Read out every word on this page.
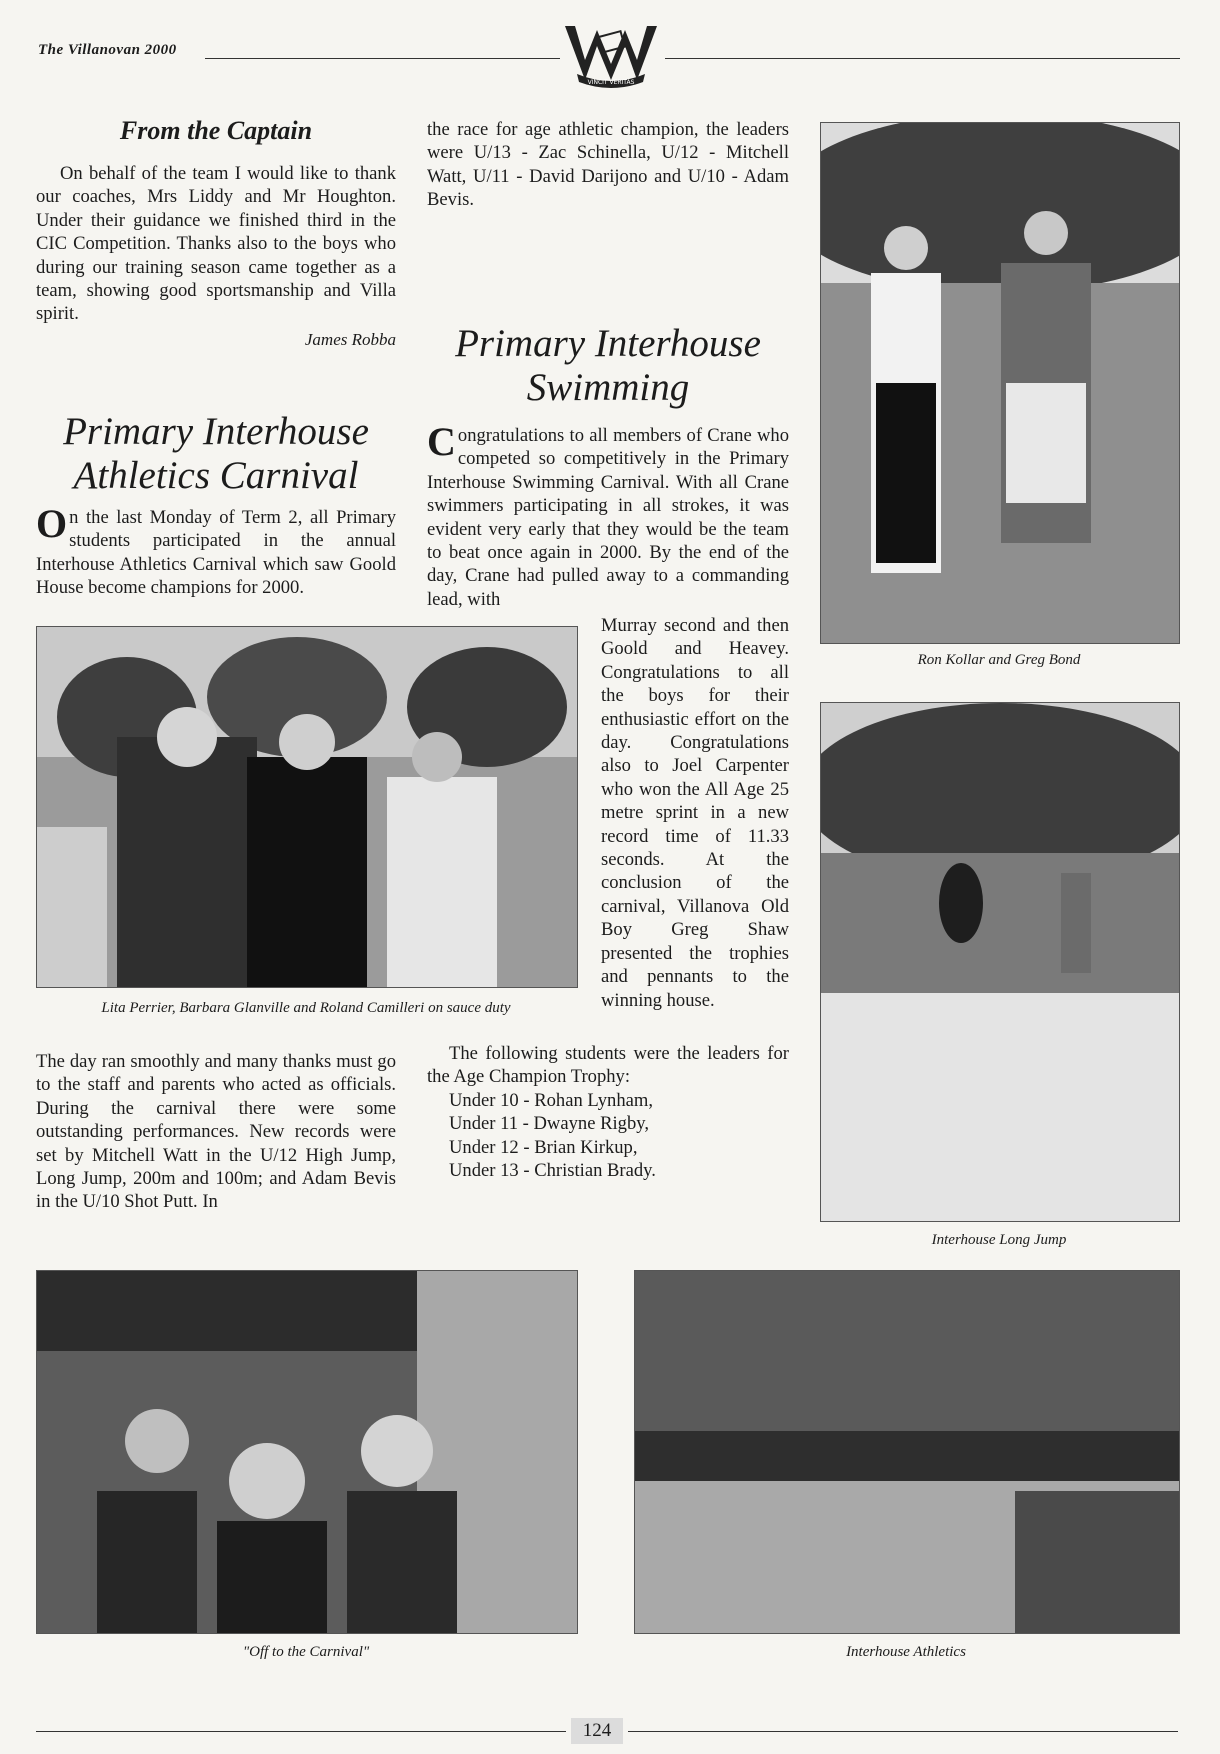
The Villanovan 2000
VINCIT VERITAS
From the Captain

On behalf of the team I would like to thank our coaches, Mrs Liddy and Mr Houghton. Under their guidance we finished third in the CIC Competition. Thanks also to the boys who during our training season came together as a team, showing good sportsmanship and Villa spirit.

James Robba
Primary Interhouse Athletics Carnival
O n the last Monday of Term 2, all Primary students participated in the annual Interhouse Athletics Carnival which saw Goold House become champions for 2000.
Lita Perrier, Barbara Glanville and Roland Camilleri on sauce duty

The day ran smoothly and many thanks must go to the staff and parents who acted as officials. During the carnival there were some outstanding performances. New records were set by Mitchell Watt in the U/12 High Jump, Long Jump, 200m and 100m; and Adam Bevis in the U/10 Shot Putt. In

the race for age athletic champion, the leaders were U/13 - Zac Schinella, U/12 - Mitchell Watt, U/11 - David Darijono and U/10 - Adam Bevis.

Primary Interhouse Swimming
C ongratulations to all members of Crane who competed so competitively in the Primary Interhouse Swimming Carnival. With all Crane swimmers participating in all strokes, it was evident very early that they would be the team to beat once again in 2000. By the end of the day, Crane had pulled away to a commanding lead, with

Murray second and then Goold and Heavey. Congratulations to all the boys for their enthusiastic effort on the day. Congratulations also to Joel Carpenter who won the All Age 25 metre sprint in a new record time of 11.33 seconds. At the conclusion of the carnival, Villanova Old Boy Greg Shaw presented the trophies and pennants to the winning house.

The following students were the leaders for the Age Champion Trophy:

Under 10 - Rohan Lynham,

Under 11 - Dwayne Rigby,

Under 12 - Brian Kirkup,

Under 13 - Christian Brady.

Ron Kollar and Greg Bond
Interhouse Long Jump
"Off to the Carnival"	Interhouse Athletics
124
